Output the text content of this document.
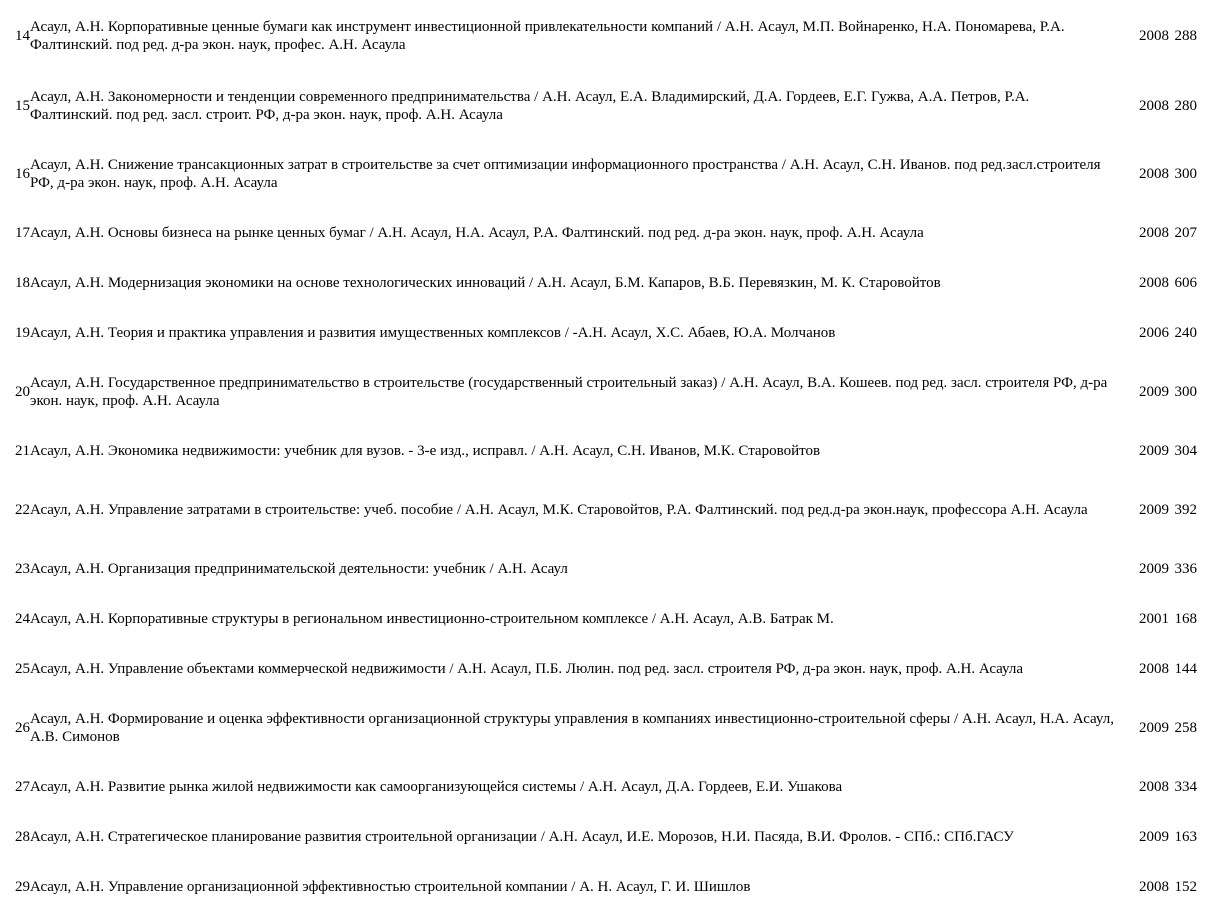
14	Асаул, А.Н. Корпоративные ценные бумаги как инструмент инвестиционной привлекательности компаний / А.Н. Асаул, М.П. Войнаренко, Н.А. Пономарева, Р.А. Фалтинский. под ред. д-ра экон. наук, профес. А.Н. Асаула	2008	288
15	Асаул, А.Н. Закономерности и тенденции современного предпринимательства / А.Н. Асаул, Е.А. Владимирский, Д.А. Гордеев, Е.Г. Гужва, А.А. Петров, Р.А. Фалтинский. под ред. засл. строит. РФ, д-ра экон. наук, проф. А.Н. Асаула	2008	280
16	Асаул, А.Н. Снижение трансакционных затрат в строительстве за счет оптимизации информационного пространства / А.Н. Асаул, С.Н. Иванов. под ред.засл.строителя РФ, д-ра экон. наук, проф. А.Н. Асаула	2008	300
17	Асаул, А.Н. Основы бизнеса на рынке ценных бумаг / А.Н. Асаул, Н.А. Асаул, Р.А. Фалтинский. под ред. д-ра экон. наук, проф. А.Н. Асаула	2008	207
18	Асаул, А.Н. Модернизация экономики на основе технологических инноваций / А.Н. Асаул, Б.М. Капаров, В.Б. Перевязкин, М. К. Старовойтов	2008	606
19	Асаул, А.Н. Теория и практика управления и развития имущественных комплексов / -А.Н. Асаул, Х.С. Абаев, Ю.А. Молчанов	2006	240
20	Асаул, А.Н. Государственное предпринимательство в строительстве (государственный строительный заказ) / А.Н. Асаул, В.А. Кошеев. под ред. засл. строителя РФ, д-ра экон. наук, проф. А.Н. Асаула	2009	300
21	Асаул, А.Н. Экономика недвижимости: учебник для вузов. - 3-е изд., исправл. / А.Н. Асаул, С.Н. Иванов, М.К. Старовойтов	2009	304
22	Асаул, А.Н. Управление затратами в строительстве: учеб. пособие / А.Н. Асаул, М.К. Старовойтов, Р.А. Фалтинский. под ред.д-ра экон.наук, профессора А.Н. Асаула	2009	392
23	Асаул, А.Н. Организация предпринимательской деятельности: учебник / А.Н. Асаул	2009	336
24	Асаул, А.Н. Корпоративные структуры в региональном инвестиционно-строительном комплексе / А.Н. Асаул, А.В. Батрак М.	2001	168
25	Асаул, А.Н. Управление объектами коммерческой недвижимости / А.Н. Асаул, П.Б. Люлин. под ред. засл. строителя РФ, д-ра экон. наук, проф. А.Н. Асаула	2008	144
26	Асаул, А.Н. Формирование и оценка эффективности организационной структуры управления в компаниях инвестиционно-строительной сферы / А.Н. Асаул, Н.А. Асаул, А.В. Симонов	2009	258
27	Асаул, А.Н. Развитие рынка жилой недвижимости как самоорганизующейся системы / А.Н. Асаул, Д.А. Гордеев, Е.И. Ушакова	2008	334
28	Асаул, А.Н. Стратегическое планирование развития строительной организации / А.Н. Асаул, И.Е. Морозов, Н.И. Пасяда, В.И. Фролов. - СПб.: СПб.ГАСУ	2009	163
29	Асаул, А.Н. Управление организационной эффективностью строительной компании / А. Н. Асаул, Г. И. Шишлов	2008	152
